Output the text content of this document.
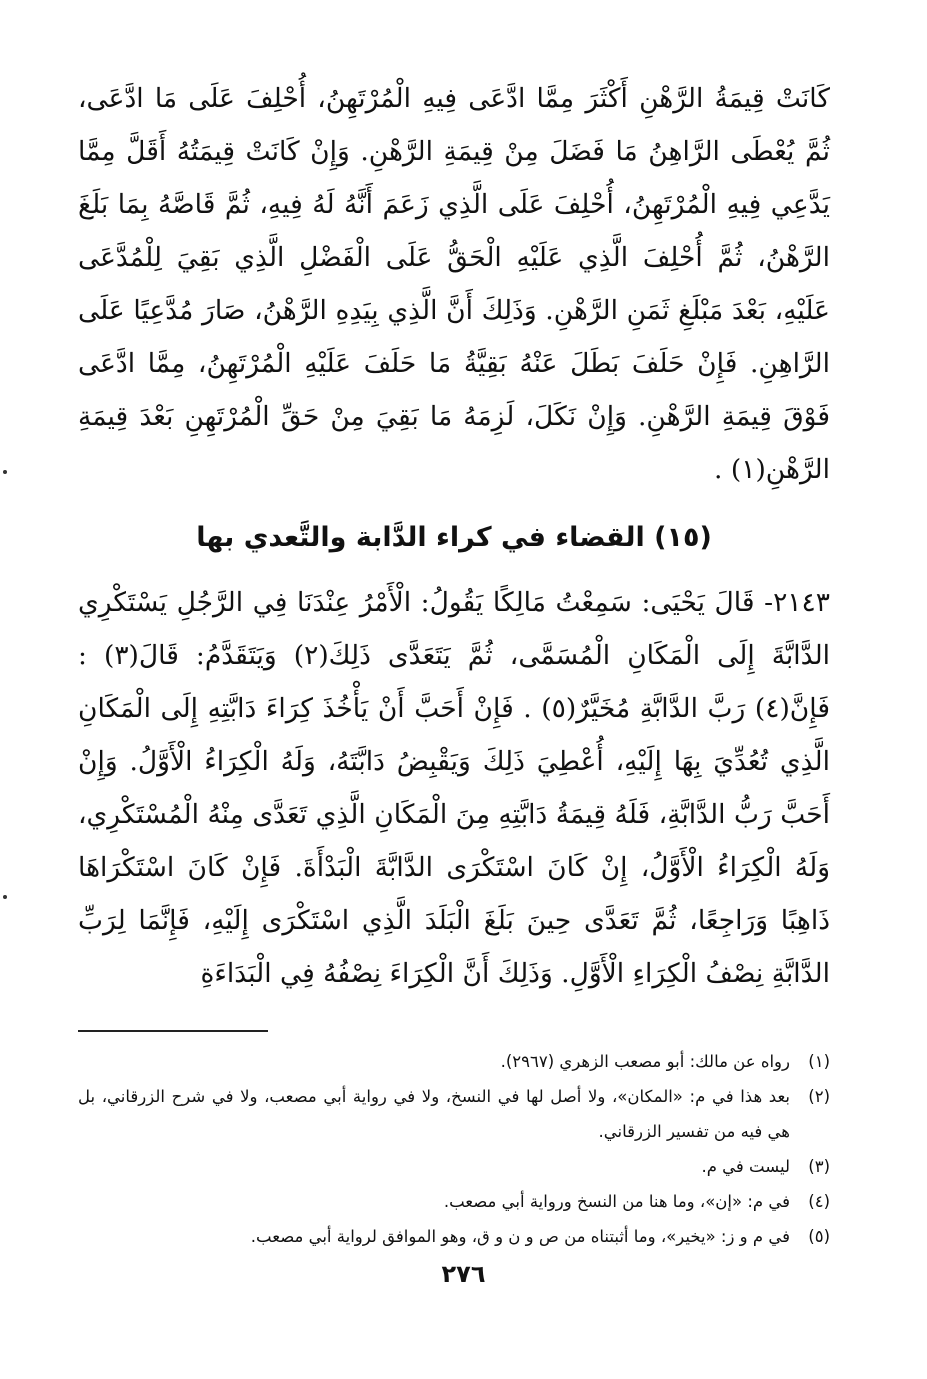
كَانَتْ قِيمَةُ الرَّهْنِ أَكْثَرَ مِمَّا ادَّعَى فِيهِ الْمُرْتَهِنُ، أُحْلِفَ عَلَى مَا ادَّعَى، ثُمَّ يُعْطَى الرَّاهِنُ مَا فَضَلَ مِنْ قِيمَةِ الرَّهْنِ. وَإِنْ كَانَتْ قِيمَتُهُ أَقَلَّ مِمَّا يَدَّعِي فِيهِ الْمُرْتَهِنُ، أُحْلِفَ عَلَى الَّذِي زَعَمَ أَنَّهُ لَهُ فِيهِ، ثُمَّ قَاصَّهُ بِمَا بَلَغَ الرَّهْنُ، ثُمَّ أُحْلِفَ الَّذِي عَلَيْهِ الْحَقُّ عَلَى الْفَضْلِ الَّذِي بَقِيَ لِلْمُدَّعَى عَلَيْهِ، بَعْدَ مَبْلَغِ ثَمَنِ الرَّهْنِ. وَذَلِكَ أَنَّ الَّذِي بِيَدِهِ الرَّهْنُ، صَارَ مُدَّعِيًا عَلَى الرَّاهِنِ. فَإِنْ حَلَفَ بَطَلَ عَنْهُ بَقِيَّةُ مَا حَلَفَ عَلَيْهِ الْمُرْتَهِنُ، مِمَّا ادَّعَى فَوْقَ قِيمَةِ الرَّهْنِ. وَإِنْ نَكَلَ، لَزِمَهُ مَا بَقِيَ مِنْ حَقِّ الْمُرْتَهِنِ بَعْدَ قِيمَةِ الرَّهْنِ(١) .

(١٥) القضاء في كراء الدَّابة والتَّعدي بها

٢١٤٣- قَالَ يَحْيَى: سَمِعْتُ مَالِكًا يَقُولُ: الْأَمْرُ عِنْدَنَا فِي الرَّجُلِ يَسْتَكْرِي الدَّابَّةَ إِلَى الْمَكَانِ الْمُسَمَّى، ثُمَّ يَتَعَدَّى ذَلِكَ(٢) وَيَتَقَدَّمُ: قَالَ(٣) : فَإِنَّ(٤) رَبَّ الدَّابَّةِ مُخَيَّرٌ(٥) . فَإِنْ أَحَبَّ أَنْ يَأْخُذَ كِرَاءَ دَابَّتِهِ إِلَى الْمَكَانِ الَّذِي تُعُدِّيَ بِهَا إِلَيْهِ، أُعْطِيَ ذَلِكَ وَيَقْبِضُ دَابَّتَهُ، وَلَهُ الْكِرَاءُ الْأَوَّلُ. وَإِنْ أَحَبَّ رَبُّ الدَّابَّةِ، فَلَهُ قِيمَةُ دَابَّتِهِ مِنَ الْمَكَانِ الَّذِي تَعَدَّى مِنْهُ الْمُسْتَكْرِي، وَلَهُ الْكِرَاءُ الْأَوَّلُ، إِنْ كَانَ اسْتَكْرَى الدَّابَّةَ الْبَدْأَةَ. فَإِنْ كَانَ اسْتَكْرَاهَا ذَاهِبًا وَرَاجِعًا، ثُمَّ تَعَدَّى حِينَ بَلَغَ الْبَلَدَ الَّذِي اسْتَكْرَى إِلَيْهِ، فَإِنَّمَا لِرَبِّ الدَّابَّةِ نِصْفُ الْكِرَاءِ الْأَوَّلِ. وَذَلِكَ أَنَّ الْكِرَاءَ نِصْفُهُ فِي الْبَدَاءَةِ

(١)
رواه عن مالك: أبو مصعب الزهري (٢٩٦٧).
(٢)
بعد هذا في م: «المكان»، ولا أصل لها في النسخ، ولا في رواية أبي مصعب، ولا في شرح الزرقاني، بل هي فيه من تفسير الزرقاني.
(٣)
ليست في م.
(٤)
في م: «إن»، وما هنا من النسخ ورواية أبي مصعب.
(٥)
في م و ز: «يخير»، وما أثبتناه من ص و ن و ق، وهو الموافق لرواية أبي مصعب.
٢٧٦
